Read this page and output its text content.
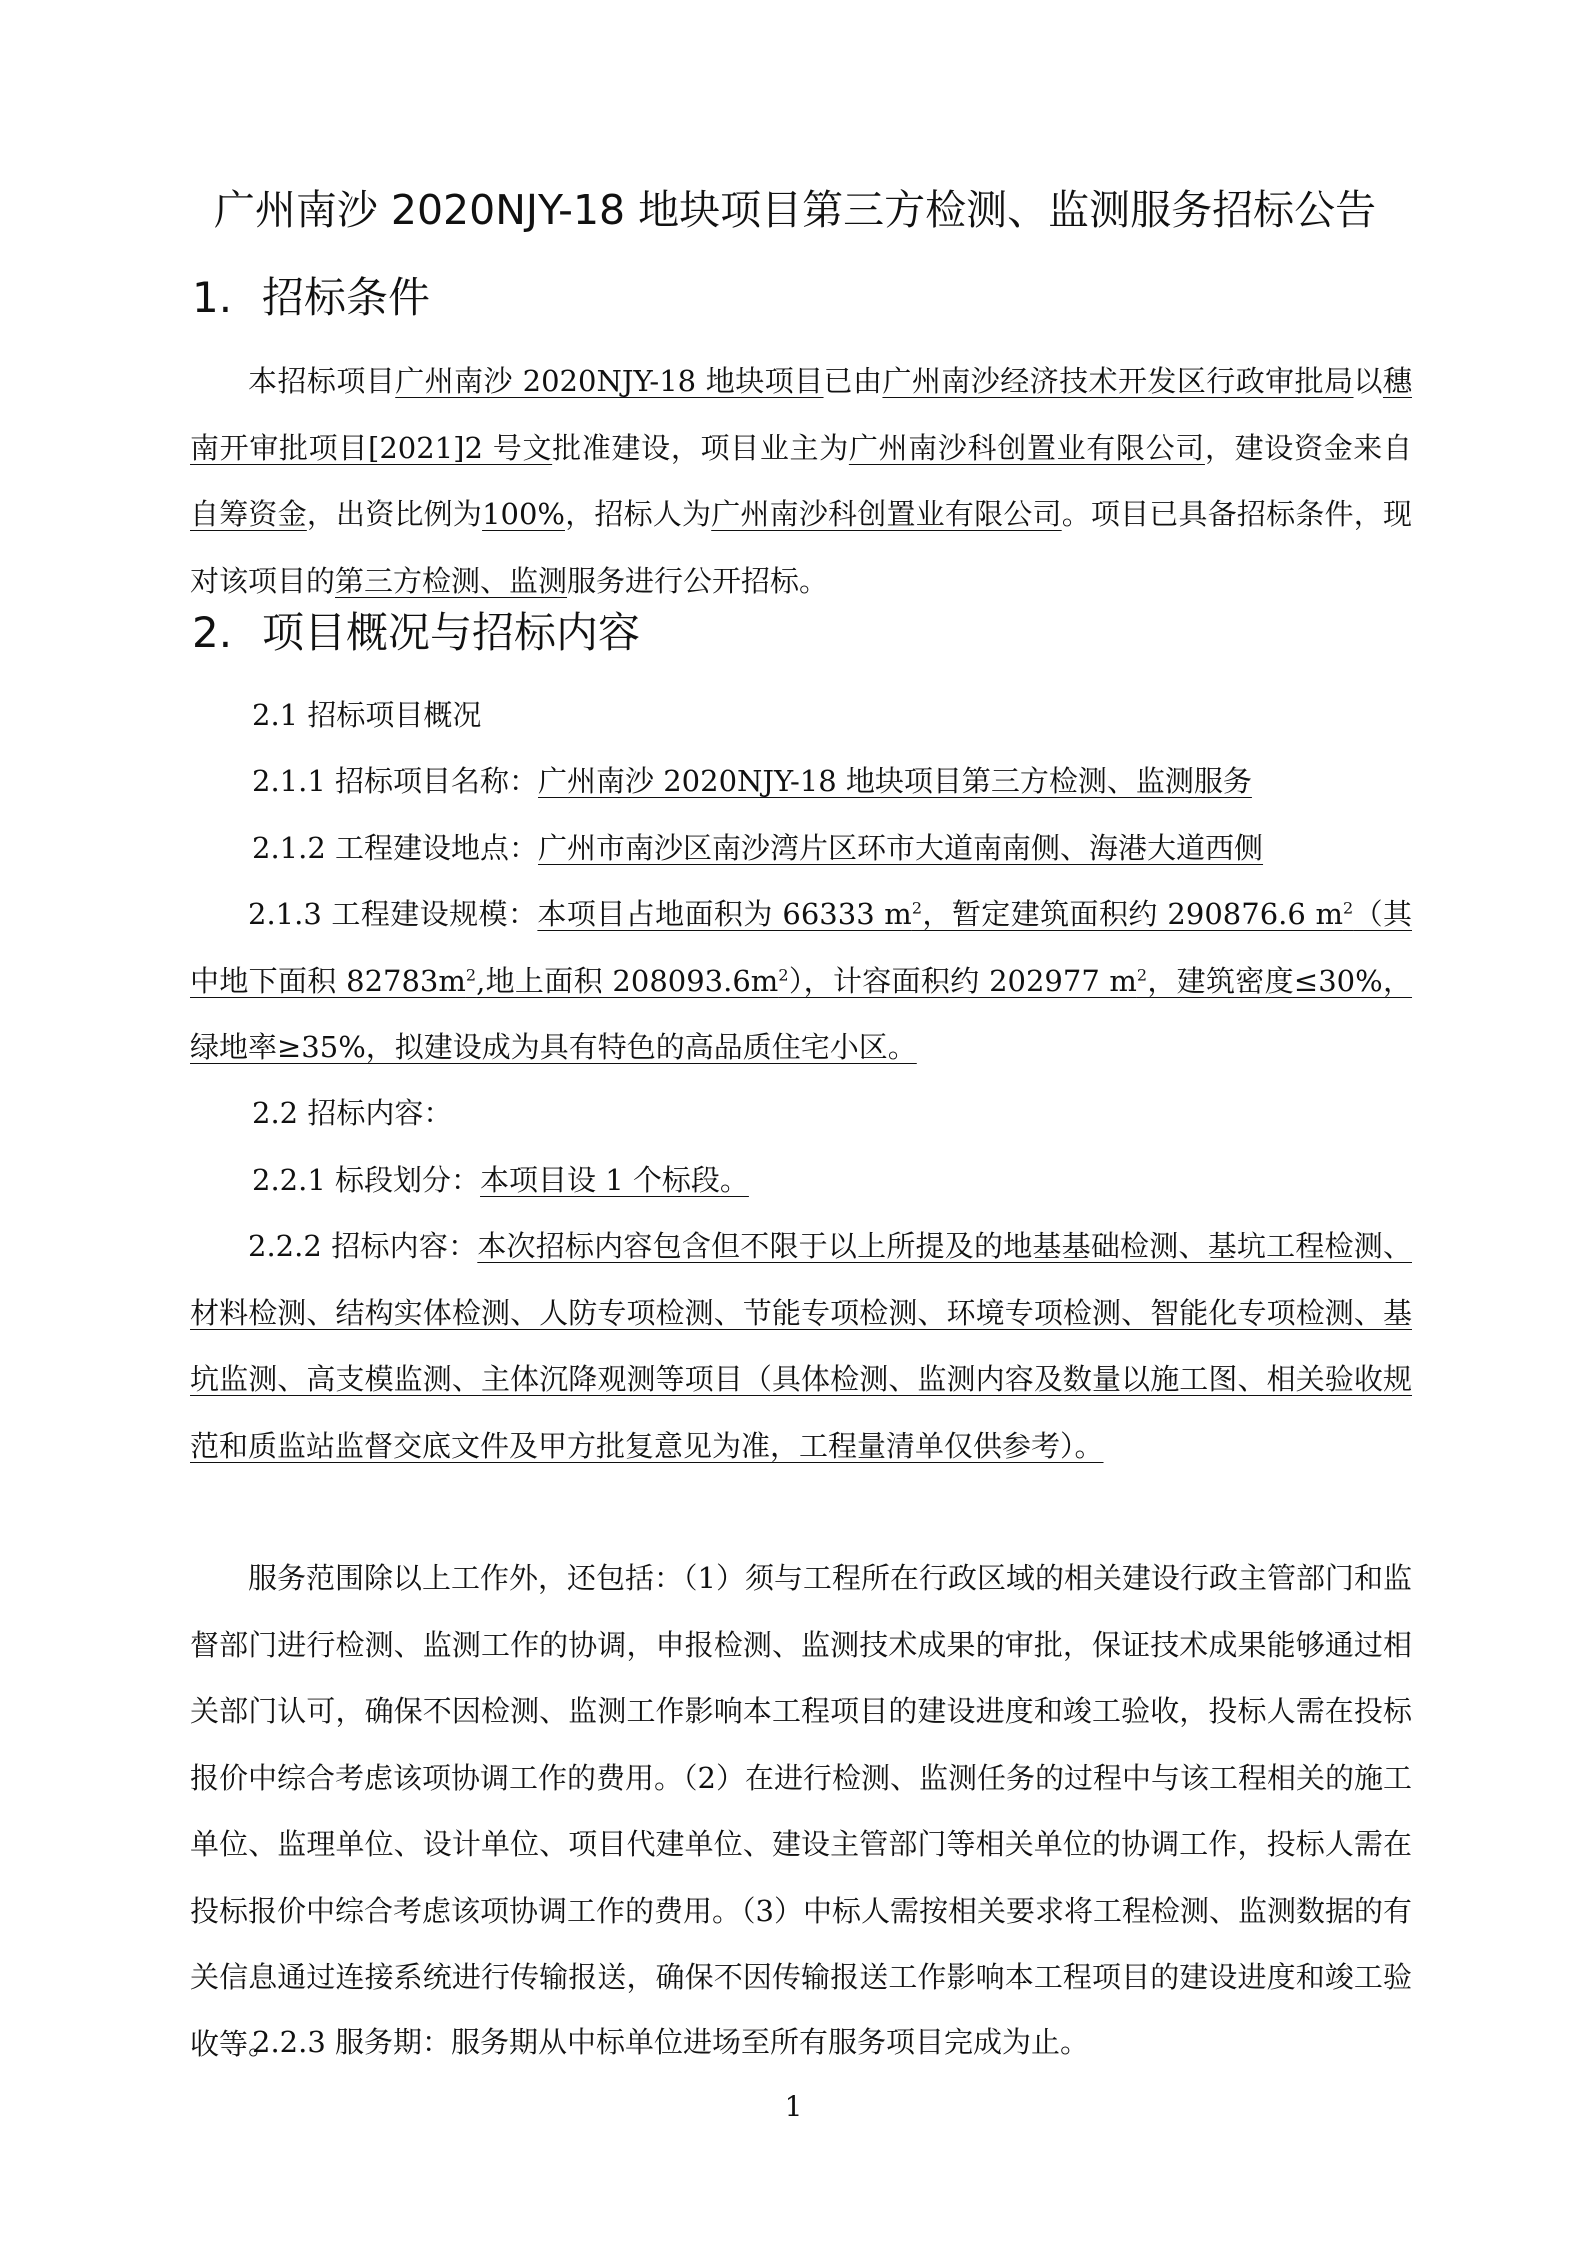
广州南沙 2020NJY-18 地块项目第三方检测、监测服务招标公告
1. 招标条件
本招标项目广州南沙 2020NJY-18 地块项目已由广州南沙经济技术开发区行政审批局以穗南开审批项目[2021]2 号文批准建设，项目业主为广州南沙科创置业有限公司，建设资金来自自筹资金，出资比例为100%，招标人为广州南沙科创置业有限公司。项目已具备招标条件，现对该项目的第三方检测、监测服务进行公开招标。
2. 项目概况与招标内容
2.1 招标项目概况
2.1.1 招标项目名称：广州南沙 2020NJY-18 地块项目第三方检测、监测服务
2.1.2 工程建设地点：广州市南沙区南沙湾片区环市大道南南侧、海港大道西侧
2.1.3 工程建设规模：本项目占地面积为 66333 $m^2$，暂定建筑面积约 290876.6 $m^2$（其中地下面积 $82783m^2$,地上面积 $208093.6m^2$），计容面积约 202977 $m^2$，建筑密度≤30%，绿地率≥35%，拟建设成为具有特色的高品质住宅小区。
2.2 招标内容：
2.2.1 标段划分：本项目设 1 个标段。
2.2.2 招标内容：本次招标内容包含但不限于以上所提及的地基基础检测、基坑工程检测、材料检测、结构实体检测、人防专项检测、节能专项检测、环境专项检测、智能化专项检测、基坑监测、高支模监测、主体沉降观测等项目（具体检测、监测内容及数量以施工图、相关验收规范和质监站监督交底文件及甲方批复意见为准，工程量清单仅供参考）。
服务范围除以上工作外，还包括：（1）须与工程所在行政区域的相关建设行政主管部门和监督部门进行检测、监测工作的协调，申报检测、监测技术成果的审批，保证技术成果能够通过相关部门认可，确保不因检测、监测工作影响本工程项目的建设进度和竣工验收，投标人需在投标报价中综合考虑该项协调工作的费用。（2）在进行检测、监测任务的过程中与该工程相关的施工单位、监理单位、设计单位、项目代建单位、建设主管部门等相关单位的协调工作，投标人需在投标报价中综合考虑该项协调工作的费用。（3）中标人需按相关要求将工程检测、监测数据的有关信息通过连接系统进行传输报送，确保不因传输报送工作影响本工程项目的建设进度和竣工验收等。
2.2.3 服务期：服务期从中标单位进场至所有服务项目完成为止。
1
